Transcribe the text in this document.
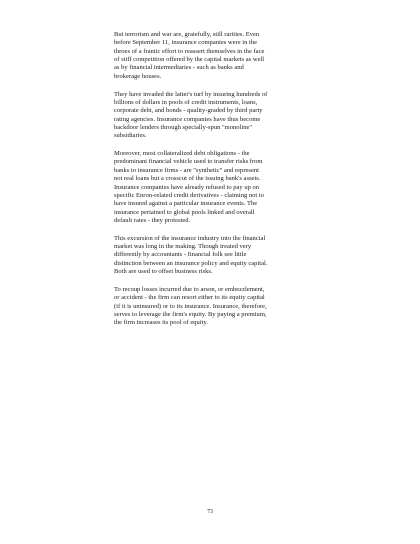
But terrorism and war are, gratefully, still rarities. Even
before September 11, insurance companies were in the
throes of a frantic effort to reassert themselves in the face
of stiff competition offered by the capital markets as well
as by financial intermediaries - such as banks and
brokerage houses.

They have invaded the latter's turf by insuring hundreds of
billions of dollars in pools of credit instruments, loans,
corporate debt, and bonds - quality-graded by third party
rating agencies. Insurance companies have thus become
backdoor lenders through specially-spun "monoline"
subsidiaries.

Moreover, most collateralized debt obligations - the
predominant financial vehicle used to transfer risks from
banks to insurance firms - are "synthetic" and represent
not real loans but a crosscut of the issuing bank's assets.
Insurance companies have already refused to pay up on
specific Enron-related credit derivatives - claiming not to
have insured against a particular insurance events. The
insurance pertained to global pools linked and overall
default rates - they protested.

This excursion of the insurance industry into the financial
market was long in the making. Though treated very
differently by accountants - financial folk see little
distinction between an insurance policy and equity capital.
Both are used to offset business risks.

To recoup losses incurred due to arson, or embezzlement,
or accident - the firm can resort either to its equity capital
(if it is uninsured) or to its insurance. Insurance, therefore,
serves to leverage the firm's equity. By paying a premium,
the firm increases its pool of equity.

73
